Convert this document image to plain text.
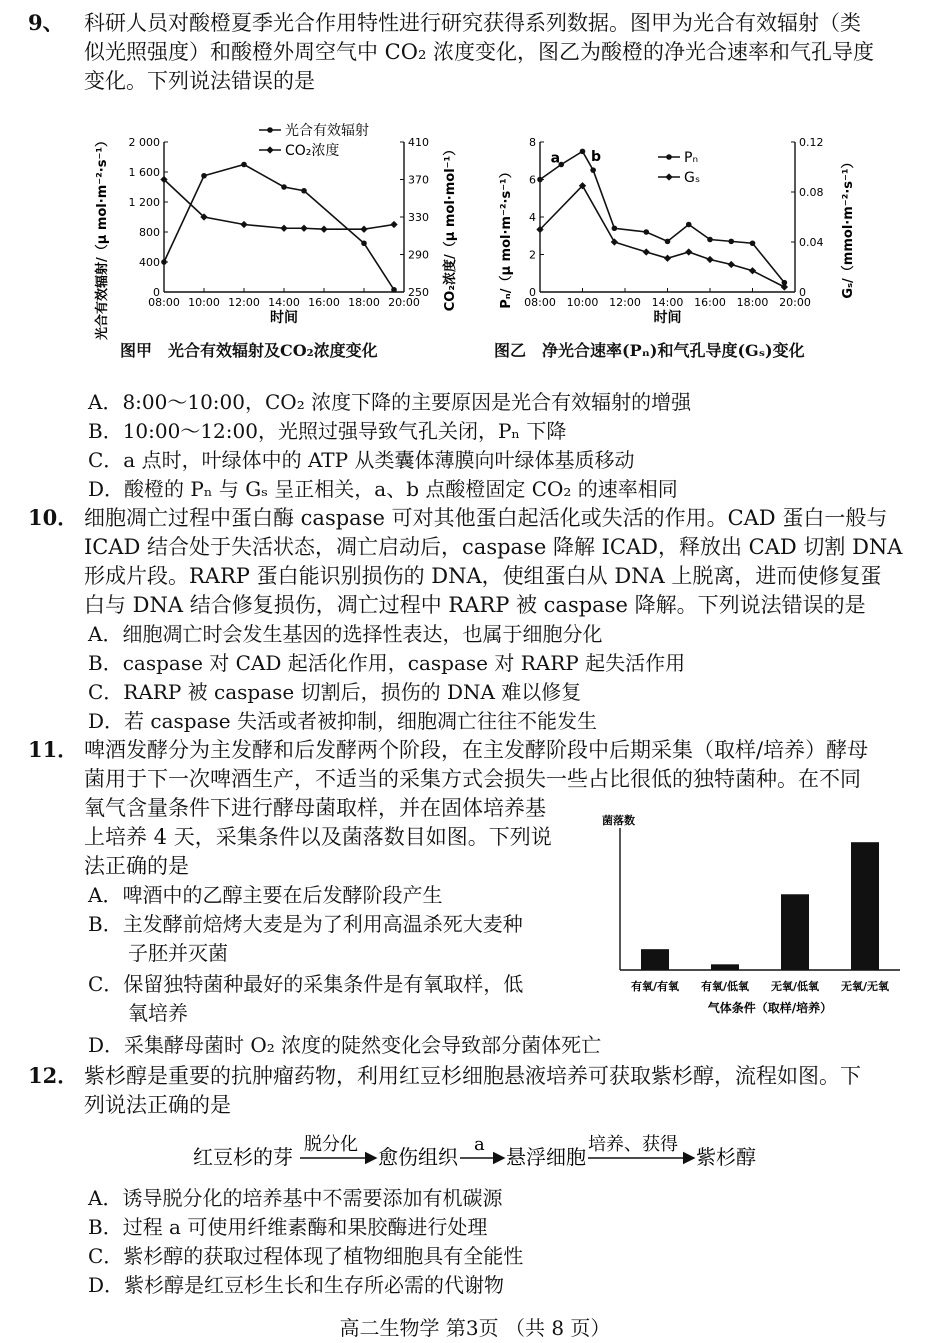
9、 科研人员对酸橙夏季光合作用特性进行研究获得系列数据。图甲为光合有效辐射（类
似光照强度）和酸橙外周空气中 CO₂ 浓度变化，图乙为酸橙的净光合速率和气孔导度
变化。下列说法错误的是
0
400
800
1 200
1 600
2 000
250
290
330
370
410
08:00 10:00 12:00 14:00 16:00 18:00 20:00
时间
光合有效辐射/（μ mol·m⁻²·s⁻¹）	CO₂浓度/（μ mol·mol⁻¹）
光合有效辐射
CO₂浓度
图甲　光合有效辐射及CO₂浓度变化
0
2
4
6
8
0
0.04
0.08
0.12
08:00 10:00 12:00 14:00 16:00 18:00 20:00
时间
Pₙ/（μ mol·m⁻²·s⁻¹）	Gₛ/（mmol·m⁻²·s⁻¹）
Pₙ
Gₛ
a b
图乙　净光合速率(Pₙ)和气孔导度(Gₛ)变化
A．8:00～10:00，CO₂ 浓度下降的主要原因是光合有效辐射的增强
B．10:00～12:00，光照过强导致气孔关闭，Pₙ 下降
C．a 点时，叶绿体中的 ATP 从类囊体薄膜向叶绿体基质移动
D．酸橙的 Pₙ 与 Gₛ 呈正相关，a、b 点酸橙固定 CO₂ 的速率相同
10． 细胞凋亡过程中蛋白酶 caspase 可对其他蛋白起活化或失活的作用。CAD 蛋白一般与
ICAD 结合处于失活状态，凋亡启动后，caspase 降解 ICAD，释放出 CAD 切割 DNA
形成片段。RARP 蛋白能识别损伤的 DNA，使组蛋白从 DNA 上脱离，进而使修复蛋
白与 DNA 结合修复损伤，凋亡过程中 RARP 被 caspase 降解。下列说法错误的是
A．细胞凋亡时会发生基因的选择性表达，也属于细胞分化
B．caspase 对 CAD 起活化作用，caspase 对 RARP 起失活作用
C．RARP 被 caspase 切割后，损伤的 DNA 难以修复
D．若 caspase 失活或者被抑制，细胞凋亡往往不能发生
11． 啤酒发酵分为主发酵和后发酵两个阶段，在主发酵阶段中后期采集（取样/培养）酵母
菌用于下一次啤酒生产，不适当的采集方式会损失一些占比很低的独特菌种。在不同
氧气含量条件下进行酵母菌取样，并在固体培养基
上培养 4 天，采集条件以及菌落数目如图。下列说
法正确的是
A．啤酒中的乙醇主要在后发酵阶段产生
B．主发酵前焙烤大麦是为了利用高温杀死大麦种
　　子胚并灭菌
C．保留独特菌种最好的采集条件是有氧取样，低
　　氧培养
D．采集酵母菌时 O₂ 浓度的陡然变化会导致部分菌体死亡
菌落数
有氧/有氧 有氧/低氧 无氧/低氧 无氧/无氧
气体条件（取样/培养）
12． 紫杉醇是重要的抗肿瘤药物，利用红豆杉细胞悬液培养可获取紫杉醇，流程如图。下
列说法正确的是
红豆杉的芽
脱分化
愈伤组织
a
悬浮细胞
培养、获得
紫杉醇
A．诱导脱分化的培养基中不需要添加有机碳源
B．过程 a 可使用纤维素酶和果胶酶进行处理
C．紫杉醇的获取过程体现了植物细胞具有全能性
D．紫杉醇是红豆杉生长和生存所必需的代谢物
高二生物学 第3页 （共 8 页）
